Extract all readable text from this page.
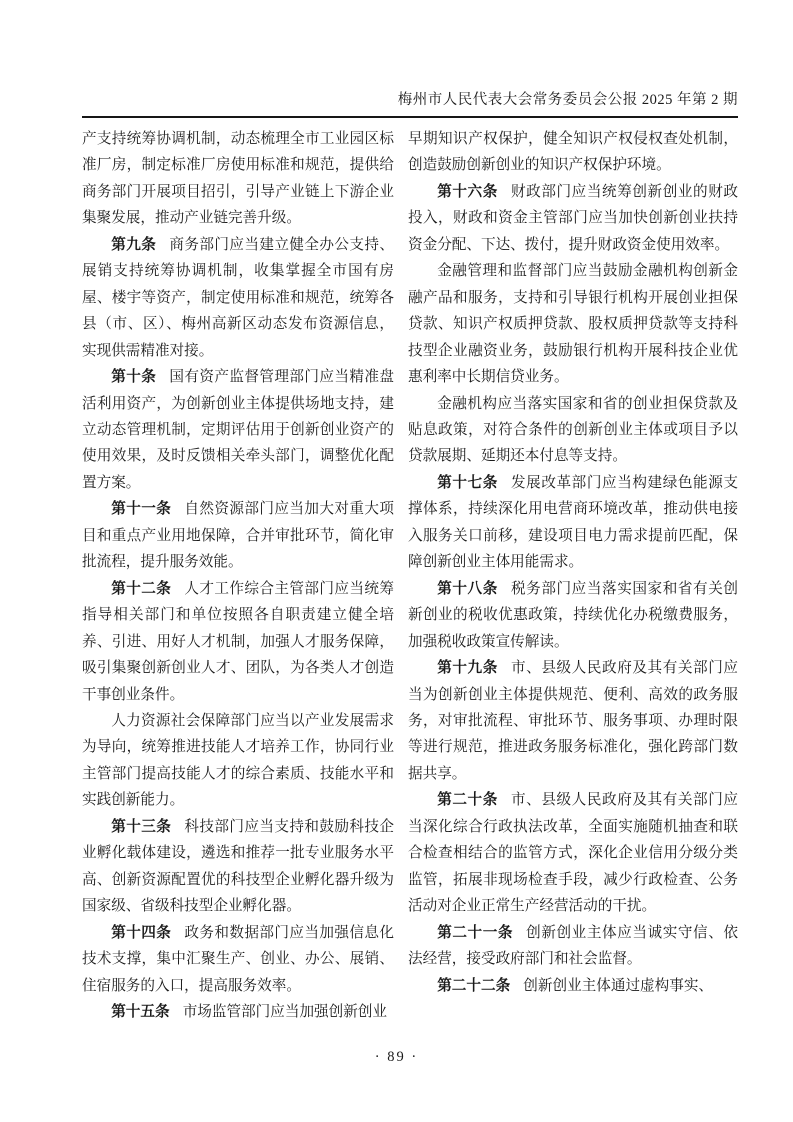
梅州市人民代表大会常务委员会公报 2025 年第 2 期

产支持统筹协调机制，动态梳理全市工业园区标准厂房，制定标准厂房使用标准和规范，提供给商务部门开展项目招引，引导产业链上下游企业集聚发展，推动产业链完善升级。

第九条 商务部门应当建立健全办公支持、展销支持统筹协调机制，收集掌握全市国有房屋、楼宇等资产，制定使用标准和规范，统筹各县（市、区）、梅州高新区动态发布资源信息，实现供需精准对接。

第十条 国有资产监督管理部门应当精准盘活利用资产，为创新创业主体提供场地支持，建立动态管理机制，定期评估用于创新创业资产的使用效果，及时反馈相关牵头部门，调整优化配置方案。

第十一条 自然资源部门应当加大对重大项目和重点产业用地保障，合并审批环节，简化审批流程，提升服务效能。

第十二条 人才工作综合主管部门应当统筹指导相关部门和单位按照各自职责建立健全培养、引进、用好人才机制，加强人才服务保障，吸引集聚创新创业人才、团队，为各类人才创造干事创业条件。

人力资源社会保障部门应当以产业发展需求为导向，统筹推进技能人才培养工作，协同行业主管部门提高技能人才的综合素质、技能水平和实践创新能力。

第十三条 科技部门应当支持和鼓励科技企业孵化载体建设，遴选和推荐一批专业服务水平高、创新资源配置优的科技型企业孵化器升级为国家级、省级科技型企业孵化器。

第十四条 政务和数据部门应当加强信息化技术支撑，集中汇聚生产、创业、办公、展销、住宿服务的入口，提高服务效率。

第十五条 市场监管部门应当加强创新创业

早期知识产权保护，健全知识产权侵权查处机制，创造鼓励创新创业的知识产权保护环境。

第十六条 财政部门应当统筹创新创业的财政投入，财政和资金主管部门应当加快创新创业扶持资金分配、下达、拨付，提升财政资金使用效率。

金融管理和监督部门应当鼓励金融机构创新金融产品和服务，支持和引导银行机构开展创业担保贷款、知识产权质押贷款、股权质押贷款等支持科技型企业融资业务，鼓励银行机构开展科技企业优惠利率中长期信贷业务。

金融机构应当落实国家和省的创业担保贷款及贴息政策，对符合条件的创新创业主体或项目予以贷款展期、延期还本付息等支持。

第十七条 发展改革部门应当构建绿色能源支撑体系，持续深化用电营商环境改革，推动供电接入服务关口前移，建设项目电力需求提前匹配，保障创新创业主体用能需求。

第十八条 税务部门应当落实国家和省有关创新创业的税收优惠政策，持续优化办税缴费服务，加强税收政策宣传解读。

第十九条 市、县级人民政府及其有关部门应当为创新创业主体提供规范、便利、高效的政务服务，对审批流程、审批环节、服务事项、办理时限等进行规范，推进政务服务标准化，强化跨部门数据共享。

第二十条 市、县级人民政府及其有关部门应当深化综合行政执法改革，全面实施随机抽查和联合检查相结合的监管方式，深化企业信用分级分类监管，拓展非现场检查手段，减少行政检查、公务活动对企业正常生产经营活动的干扰。

第二十一条 创新创业主体应当诚实守信、依法经营，接受政府部门和社会监督。

第二十二条 创新创业主体通过虚构事实、

· 89 ·
